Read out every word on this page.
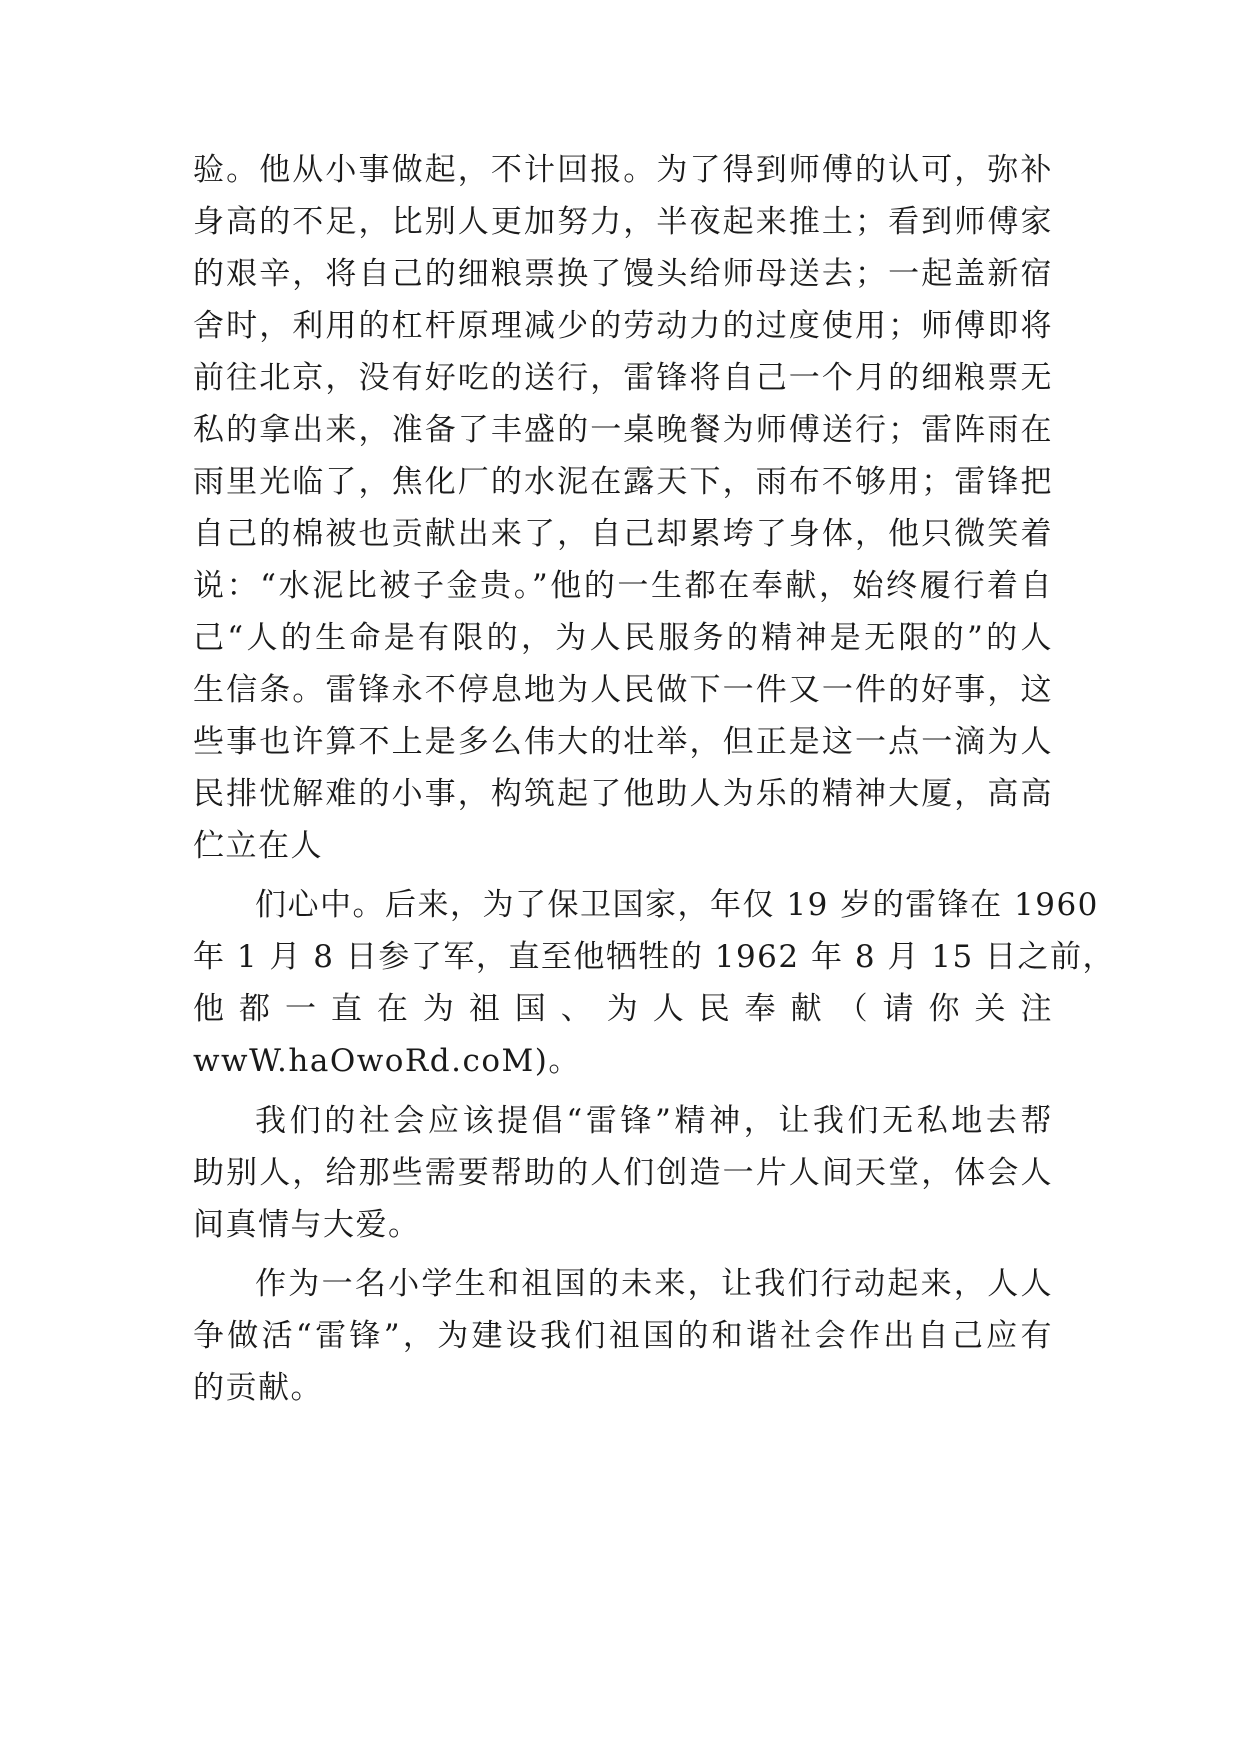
验。他从小事做起，不计回报。为了得到师傅的认可，弥补
身高的不足，比别人更加努力，半夜起来推土；看到师傅家
的艰辛，将自己的细粮票换了馒头给师母送去；一起盖新宿
舍时，利用的杠杆原理减少的劳动力的过度使用；师傅即将
前往北京，没有好吃的送行，雷锋将自己一个月的细粮票无
私的拿出来，准备了丰盛的一桌晚餐为师傅送行；雷阵雨在
雨里光临了，焦化厂的水泥在露天下，雨布不够用；雷锋把
自己的棉被也贡献出来了，自己却累垮了身体，他只微笑着
说：“水泥比被子金贵。”他的一生都在奉献，始终履行着自
己“人的生命是有限的，为人民服务的精神是无限的”的人
生信条。雷锋永不停息地为人民做下一件又一件的好事，这
些事也许算不上是多么伟大的壮举，但正是这一点一滴为人
民排忧解难的小事，构筑起了他助人为乐的精神大厦，高高
伫立在人
们心中。后来，为了保卫国家，年仅 19 岁的雷锋在 1960
年 1 月 8 日参了军，直至他牺牲的 1962 年 8 月 15 日之前，
他 都 一 直 在 为 祖 国 、 为 人 民 奉 献 （ 请 你 关 注
wwW.haOwoRd.coM)。
我们的社会应该提倡“雷锋”精神，让我们无私地去帮
助别人，给那些需要帮助的人们创造一片人间天堂，体会人
间真情与大爱。
作为一名小学生和祖国的未来，让我们行动起来，人人
争做活“雷锋”，为建设我们祖国的和谐社会作出自己应有
的贡献。
